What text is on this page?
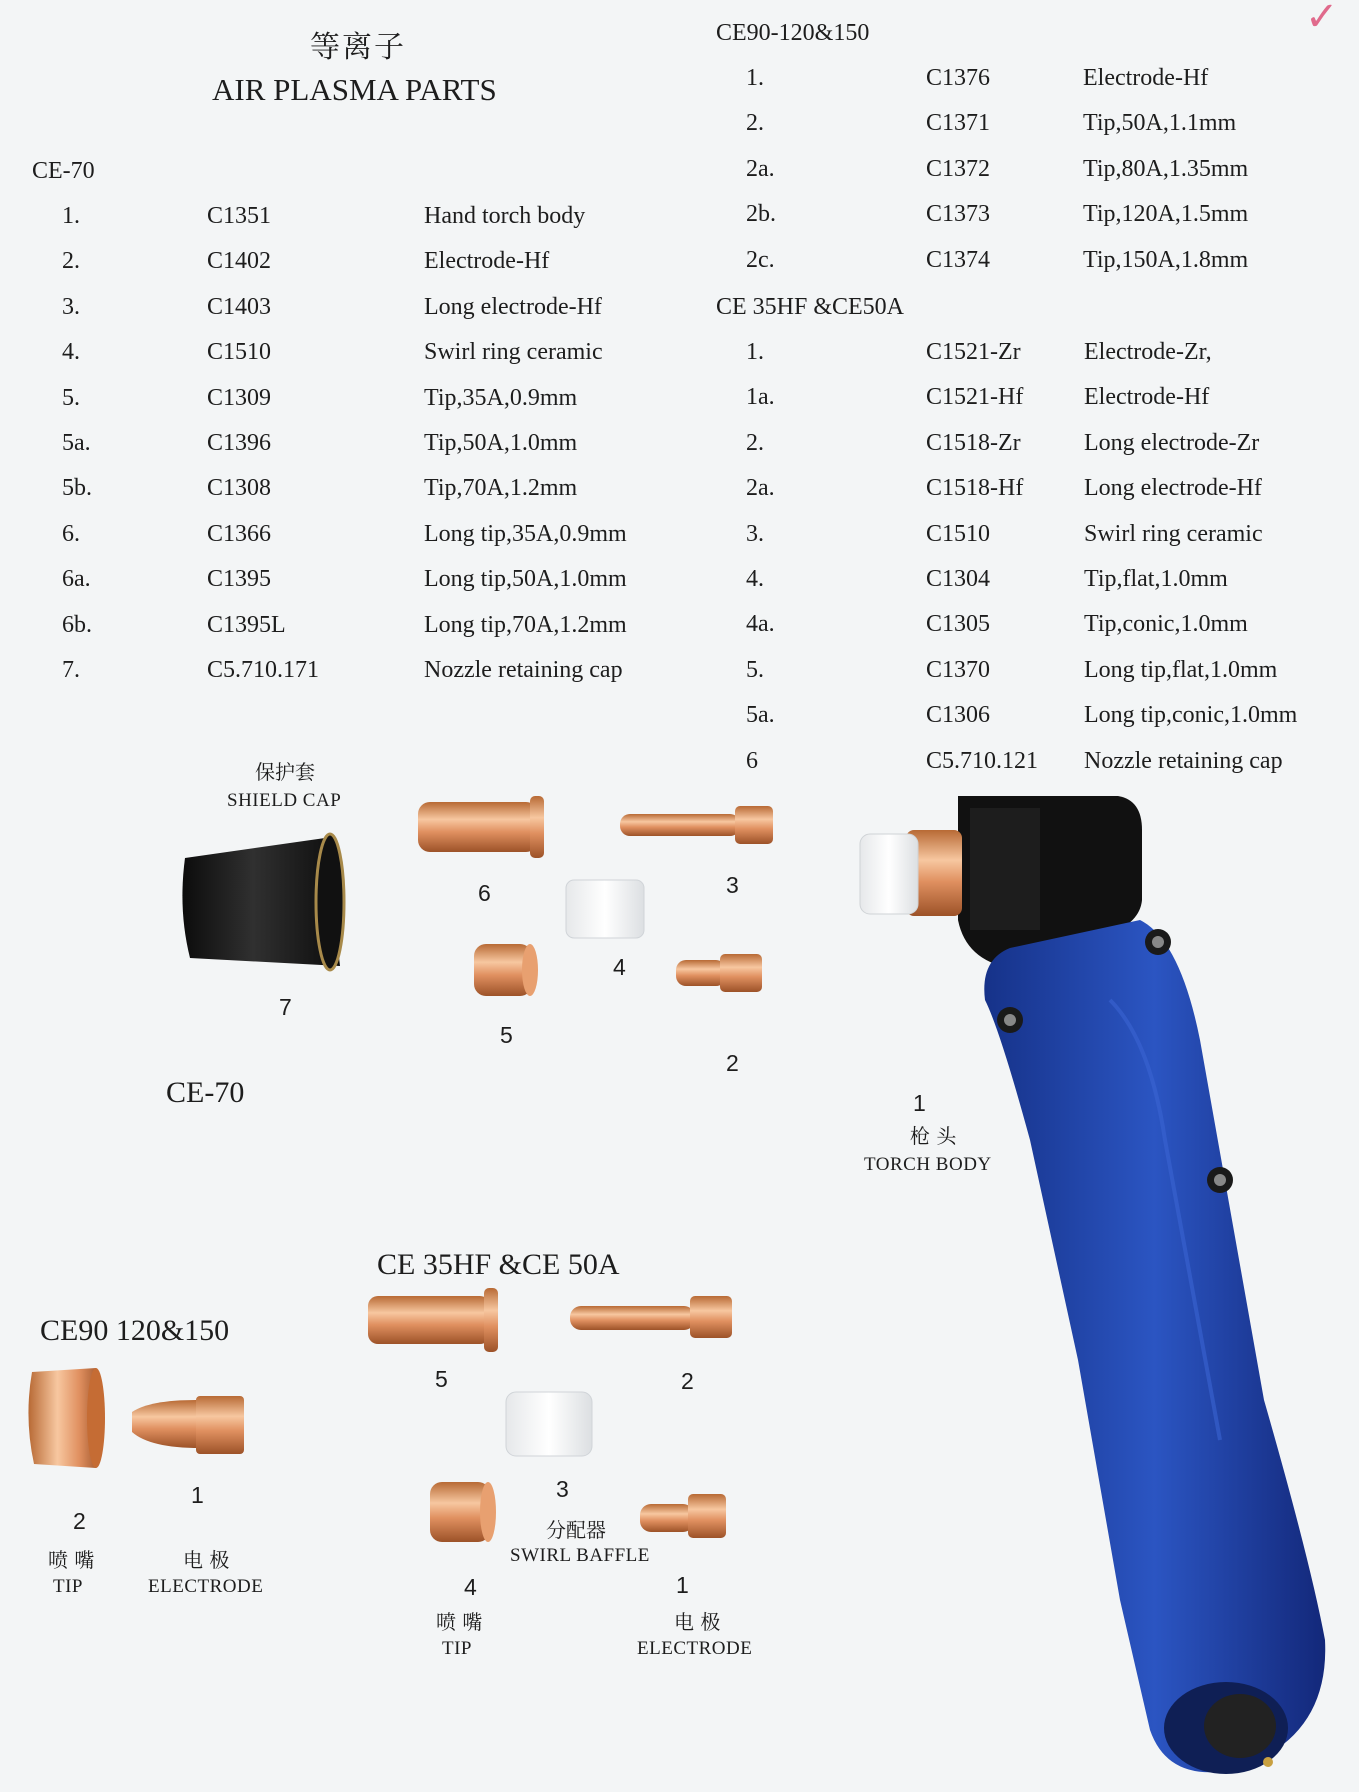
等离子
AIR PLASMA PARTS
✓
CE-70
1.	C1351	Hand torch body
2.	C1402	Electrode-Hf
3.	C1403	Long electrode-Hf
4.	C1510	Swirl ring ceramic
5.	C1309	Tip,35A,0.9mm
5a.	C1396	Tip,50A,1.0mm
5b.	C1308	Tip,70A,1.2mm
6.	C1366	Long tip,35A,0.9mm
6a.	C1395	Long tip,50A,1.0mm
6b.	C1395L	Long tip,70A,1.2mm
7.	C5.710.171	Nozzle retaining cap
CE90-120&150
1.	C1376	Electrode-Hf
2.	C1371	Tip,50A,1.1mm
2a.	C1372	Tip,80A,1.35mm
2b.	C1373	Tip,120A,1.5mm
2c.	C1374	Tip,150A,1.8mm
CE 35HF &CE50A
1.	C1521-Zr	Electrode-Zr,
1a.	C1521-Hf	Electrode-Hf
2.	C1518-Zr	Long electrode-Zr
2a.	C1518-Hf	Long electrode-Hf
3.	C1510	Swirl ring ceramic
4.	C1304	Tip,flat,1.0mm
4a.	C1305	Tip,conic,1.0mm
5.	C1370	Long tip,flat,1.0mm
5a.	C1306	Long tip,conic,1.0mm
6	C5.710.121 Nozzle retaining cap
保护套
SHIELD CAP
7
6	3
4
5
2
CE-70	1
枪 头
TORCH BODY
CE90 120&150
2
喷 嘴
TIP
1
电 极
ELECTRODE
CE 35HF &CE 50A
5	2
3
分配器
SWIRL BAFFLE
4
喷 嘴
TIP
1
电 极
ELECTRODE
